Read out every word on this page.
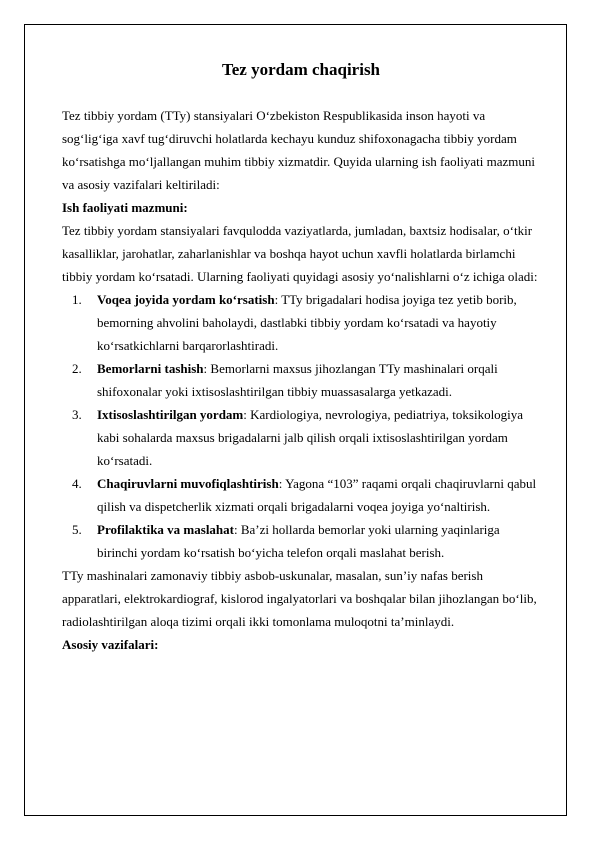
Tez yordam chaqirish

Tez tibbiy yordam (TTy) stansiyalari O‘zbekiston Respublikasida inson hayoti va sog‘lig‘iga xavf tug‘diruvchi holatlarda kechayu kunduz shifoxonagacha tibbiy yordam ko‘rsatishga mo‘ljallangan muhim tibbiy xizmatdir. Quyida ularning ish faoliyati mazmuni va asosiy vazifalari keltiriladi:

Ish faoliyati mazmuni:

Tez tibbiy yordam stansiyalari favqulodda vaziyatlarda, jumladan, baxtsiz hodisalar, o‘tkir kasalliklar, jarohatlar, zaharlanishlar va boshqa hayot uchun xavfli holatlarda birlamchi tibbiy yordam ko‘rsatadi. Ularning faoliyati quyidagi asosiy yo‘nalishlarni o‘z ichiga oladi:

1. Voqea joyida yordam ko‘rsatish: TTy brigadalari hodisa joyiga tez yetib borib, bemorning ahvolini baholaydi, dastlabki tibbiy yordam ko‘rsatadi va hayotiy ko‘rsatkichlarni barqarorlashtiradi.
2. Bemorlarni tashish: Bemorlarni maxsus jihozlangan TTy mashinalari orqali shifoxonalar yoki ixtisoslashtirilgan tibbiy muassasalarga yetkazadi.
3. Ixtisoslashtirilgan yordam: Kardiologiya, nevrologiya, pediatriya, toksikologiya kabi sohalarda maxsus brigadalarni jalb qilish orqali ixtisoslashtirilgan yordam ko‘rsatadi.
4. Chaqiruvlarni muvofiqlashtirish: Yagona “103” raqami orqali chaqiruvlarni qabul qilish va dispetcherlik xizmati orqali brigadalarni voqea joyiga yo‘naltirish.
5. Profilaktika va maslahat: Ba’zi hollarda bemorlar yoki ularning yaqinlariga birinchi yordam ko‘rsatish bo‘yicha telefon orqali maslahat berish.

TTy mashinalari zamonaviy tibbiy asbob-uskunalar, masalan, sun’iy nafas berish apparatlari, elektrokardiograf, kislorod ingalyatorlari va boshqalar bilan jihozlangan bo‘lib, radiolashtirilgan aloqa tizimi orqali ikki tomonlama muloqotni ta’minlaydi.

Asosiy vazifalari:
